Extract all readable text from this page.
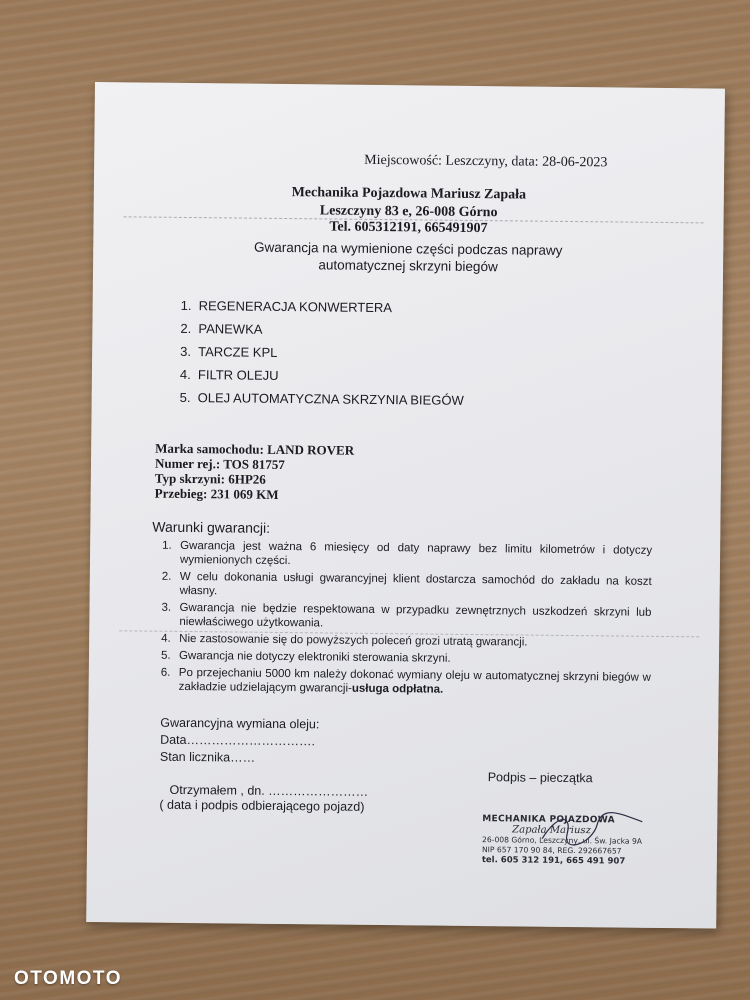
Miejscowość: Leszczyny, data: 28-06-2023
Mechanika Pojazdowa Mariusz Zapała
Leszczyny 83 e, 26-008 Górno
Tel. 605312191, 665491907
Gwarancja na wymienione części podczas naprawy
automatycznej skrzyni biegów
1. REGENERACJA KONWERTERA
2. PANEWKA
3. TARCZE KPL
4. FILTR OLEJU
5. OLEJ AUTOMATYCZNA SKRZYNIA BIEGÓW
Marka samochodu: LAND ROVER
Numer rej.: TOS 81757
Typ skrzyni: 6HP26
Przebieg: 231 069 KM
Warunki gwarancji:
1. Gwarancja jest ważna 6 miesięcy od daty naprawy bez limitu kilometrów i dotyczy wymienionych części.
2. W celu dokonania usługi gwarancyjnej klient dostarcza samochód do zakładu na koszt własny.
3. Gwarancja nie będzie respektowana w przypadku zewnętrznych uszkodzeń skrzyni lub niewłaściwego użytkowania.
4. Nie zastosowanie się do powyższych poleceń grozi utratą gwarancji.
5. Gwarancja nie dotyczy elektroniki sterowania skrzyni.
6. Po przejechaniu 5000 km należy dokonać wymiany oleju w automatycznej skrzyni biegów w zakładzie udzielającym gwarancji-usługa odpłatna.
Gwarancyjna wymiana oleju:
Data………………………….
Stan licznika……
Podpis – pieczątka
Otrzymałem , dn. ……………………
( data i podpis odbierającego pojazd)
MECHANIKA POJAZDOWA
Zapała Mariusz
26-008 Górno, Leszczyny, ul. Św. Jacka 9A
NIP 657 170 90 84, REG. 292667657
tel. 605 312 191, 665 491 907
OTOMOTO
